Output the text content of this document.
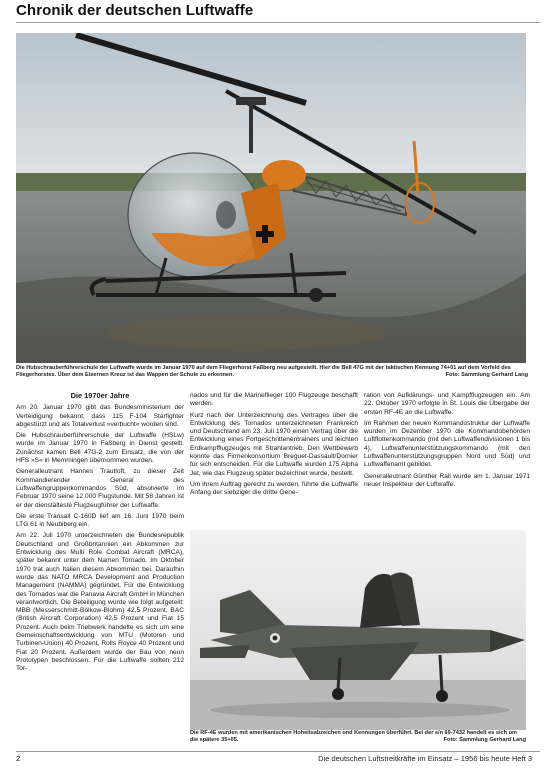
Chronik der deutschen Luftwaffe
Die Hubschrauberführerschule der Luftwaffe wurde im Januar 1970 auf dem Fliegerhorst Faßberg neu aufgestellt. Hier die Bell 47G mit der taktischen Kennung 74+01 auf dem Vorfeld des Fliegerhorstes. Über dem Eisernen Kreuz ist das Wappen der Schule zu erkennen.	Foto: Sammlung Gerhard Lang
Die 1970er Jahre

Am 20. Januar 1970 gibt das Bundesministerium der Verteidigung bekannt, dass 115 F-104 Starfighter abgestürzt und als Totalverlust »verbucht« worden sind.

Die Hubschrauberführerschule der Luftwaffe (HSLw) wurde im Januar 1970 in Faßberg in Dienst gestellt. Zunächst kamen Bell 47G-2 zum Einsatz, die von der HFS »S« in Memmingen übernommen wurden.

Generalleutnant Hannes Trautloft, zu dieser Zeit Kommandierender General des Luftwaffengruppenkommandos Süd, absolvierte im Februar 1970 seine 12.000 Flugstunde. Mit 58 Jahren ist er der dienstälteste Flugzeugführer der Luftwaffe.

Die erste Transall C-160D lief am 16. Juni 1970 beim LTG 61 in Neubiberg ein.

Am 22. Juli 1970 unterzeichneten die Bundesrepublik Deutschland und Großbritannien ein Abkommen zur Entwicklung des Multi Role Combat Aircraft (MRCA), später bekannt unter dem Namen Tornado. Im Oktober 1970 trat auch Italien diesem Abkommen bei. Daraufhin wurde das NATO MRCA Development and Production Management (NAMMA) gegründet. Für die Entwicklung des Tornados war die Panavia Aircraft GmbH in München verantwortlich. Die Beteiligung wurde wie folgt aufgeteilt: MBB (Messerschmitt-Bölkow-Blohm) 42,5 Prozent, BAC (British Aircraft Corporation) 42,5 Prozent und Fiat 15 Prozent. Auch beim Triebwerk handelte es sich um eine Gemeinschaftsentwicklung von MTU (Motoren und Turbinen-Union) 40 Prozent, Rolls Royce 40 Prozent und Fiat 20 Prozent. Außerdem wurde der Bau von neun Prototypen beschlossen. Für die Luftwaffe sollten 212 Tor-

nados und für die Marineflieger 100 Flugzeuge beschafft werden.

Kurz nach der Unterzeichnung des Vertrages über die Entwicklung des Tornados unterzeichneten Frankreich und Deutschland am 23. Juli 1970 einen Vertrag über die Entwicklung eines Fortgeschrittenentrainers und leichten Erdkampfflugzeuges mit Strahlantrieb. Den Wettbewerb konnte das Firmenkonsortium Breguet-Dassault/Dornier für sich entscheiden. Für die Luftwaffe wurden 175 Alpha Jet, wie das Flugzeug später bezeichnet wurde, bestellt.

Um ihrem Auftrag gerecht zu werden, führte die Luftwaffe Anfang der siebziger die dritte Gene-

ration von Aufklärungs- und Kampfflugzeugen ein. Am 22. Oktober 1970 erfolgte in St. Louis die Übergabe der ersten RF-4E an die Luftwaffe.

Im Rahmen der neuen Kommandostruktur der Luftwaffe wurden im Dezember 1970 die Kommandobehörden Luftflottenkommando (mit den Luftwaffendivisionen 1 bis 4), Luftwaffenunterstützungskommando (mit den Luftwaffenunterstützungsgruppen Nord und Süd) und Luftwaffenamt gebildet.

Generalleutnant Günther Rall wurde am 1. Januar 1971 neuer Inspekteur der Luftwaffe.

Die RF-4E wurden mit amerikanischen Hoheitsabzeichen und Kennungen überführt. Bei der s/n 69-7432 handelt es sich um die spätere 35+05.	Foto: Sammlung Gerhard Lang
2	Die deutschen Luftstreitkräfte im Einsatz – 1956 bis heute Heft 3
